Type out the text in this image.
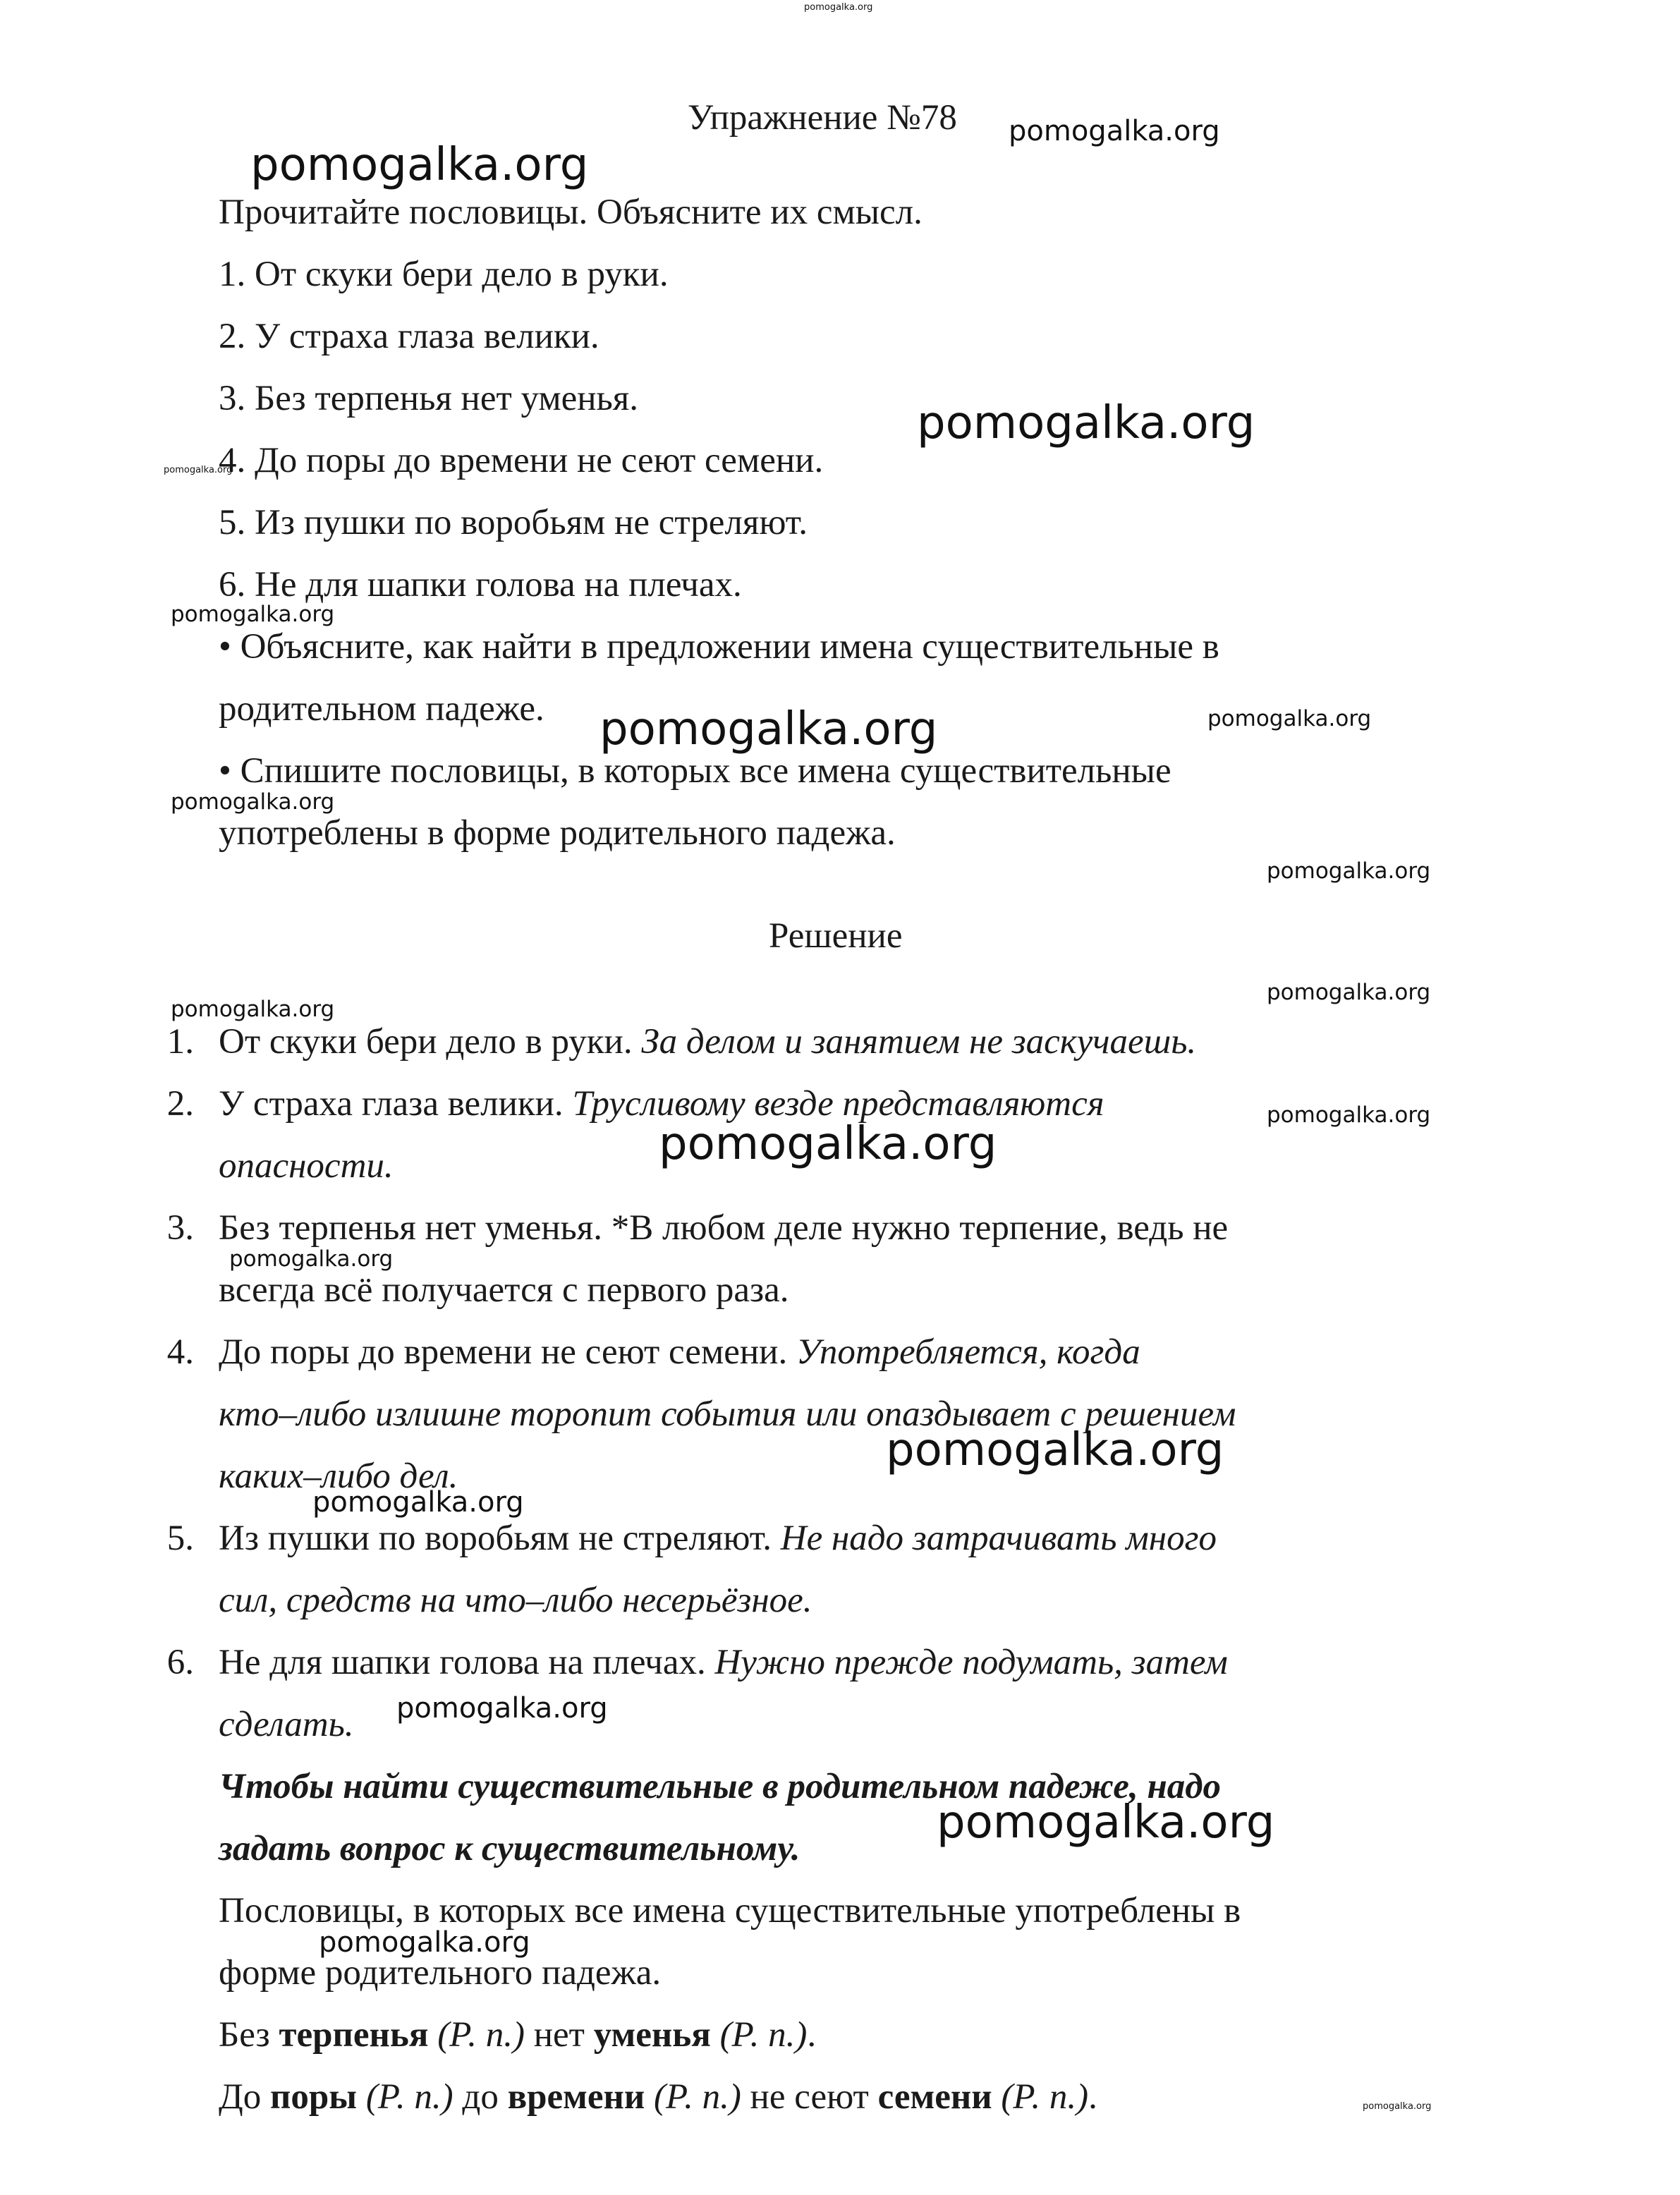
Упражнение №78
Прочитайте пословицы. Объясните их смысл.
1. От скуки бери дело в руки.
2. У страха глаза велики.
3. Без терпенья нет уменья.
4. До поры до времени не сеют семени.
5. Из пушки по воробьям не стреляют.
6. Не для шапки голова на плечах.
• Объясните, как найти в предложении имена существительные в
родительном падеже.
• Спишите пословицы, в которых все имена существительные
употреблены в форме родительного падежа.
Решение
1. От скуки бери дело в руки. За делом и занятием не заскучаешь.
2. У страха глаза велики. Трусливому везде представляются
опасности.
3. Без терпенья нет уменья. *В любом деле нужно терпение, ведь не
всегда всё получается с первого раза.
4. До поры до времени не сеют семени. Употребляется, когда
кто–либо излишне торопит события или опаздывает с решением
каких–либо дел.
5. Из пушки по воробьям не стреляют. Не надо затрачивать много
сил, средств на что–либо несерьёзное.
6. Не для шапки голова на плечах. Нужно прежде подумать, затем
сделать.
Чтобы найти существительные в родительном падеже, надо
задать вопрос к существительному.
Пословицы, в которых все имена существительные употреблены в
форме родительного падежа.
Без терпенья (Р. п.) нет уменья (Р. п.).
До поры (Р. п.) до времени (Р. п.) не сеют семени (Р. п.).
pomogalka.org
pomogalka.org
pomogalka.org
pomogalka.org
pomogalka.org
pomogalka.org
pomogalka.org	pomogalka.org
pomogalka.org
pomogalka.org
pomogalka.org
pomogalka.org
pomogalka.org
pomogalka.org
pomogalka.org
pomogalka.org
pomogalka.org
pomogalka.org
pomogalka.org
pomogalka.org
pomogalka.org
